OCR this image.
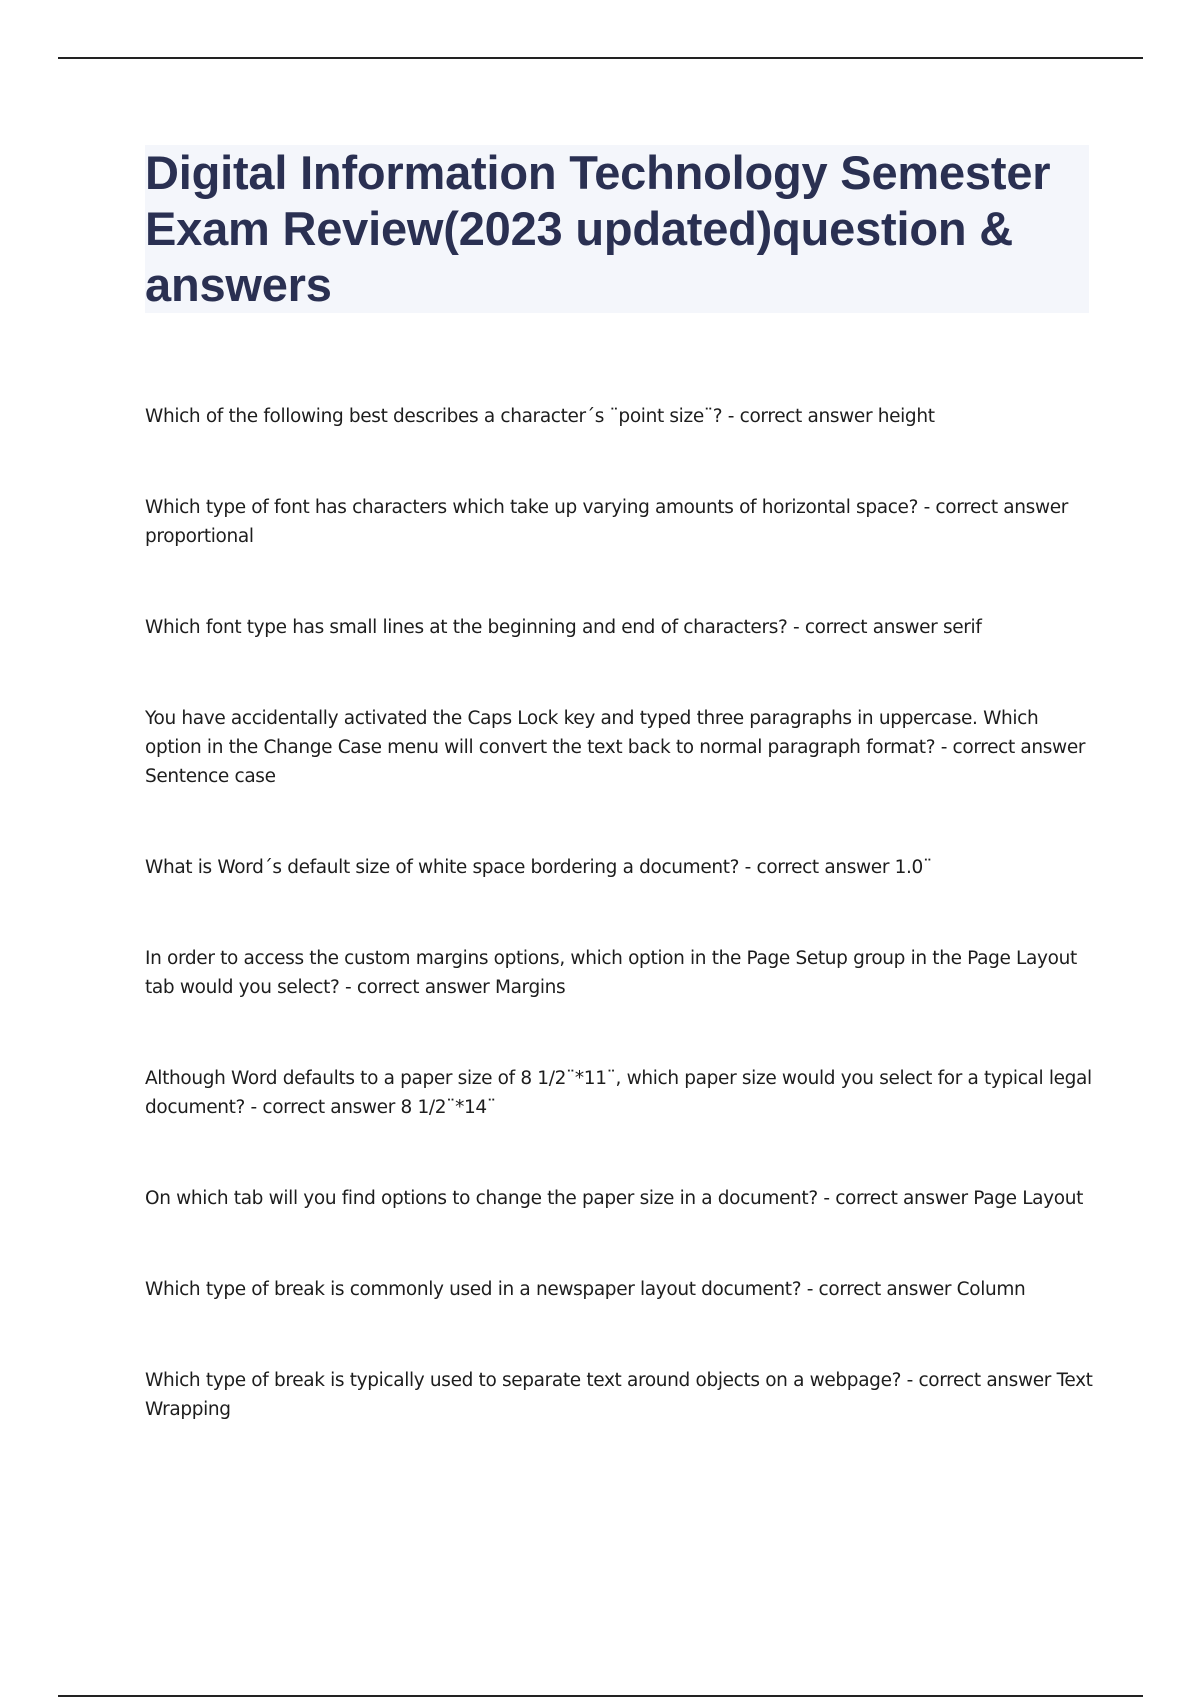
Digital Information Technology Semester Exam Review(2023 updated)question & answers
Which of the following best describes a character´s ¨point size¨? - correct answer height
Which type of font has characters which take up varying amounts of horizontal space? - correct answer proportional
Which font type has small lines at the beginning and end of characters? - correct answer serif
You have accidentally activated the Caps Lock key and typed three paragraphs in uppercase. Which option in the Change Case menu will convert the text back to normal paragraph format? - correct answer Sentence case
What is Word´s default size of white space bordering a document? - correct answer 1.0¨
In order to access the custom margins options, which option in the Page Setup group in the Page Layout tab would you select? - correct answer Margins
Although Word defaults to a paper size of 8 1/2¨*11¨, which paper size would you select for a typical legal document? - correct answer 8 1/2¨*14¨
On which tab will you find options to change the paper size in a document? - correct answer Page Layout
Which type of break is commonly used in a newspaper layout document? - correct answer Column
Which type of break is typically used to separate text around objects on a webpage? - correct answer Text Wrapping
